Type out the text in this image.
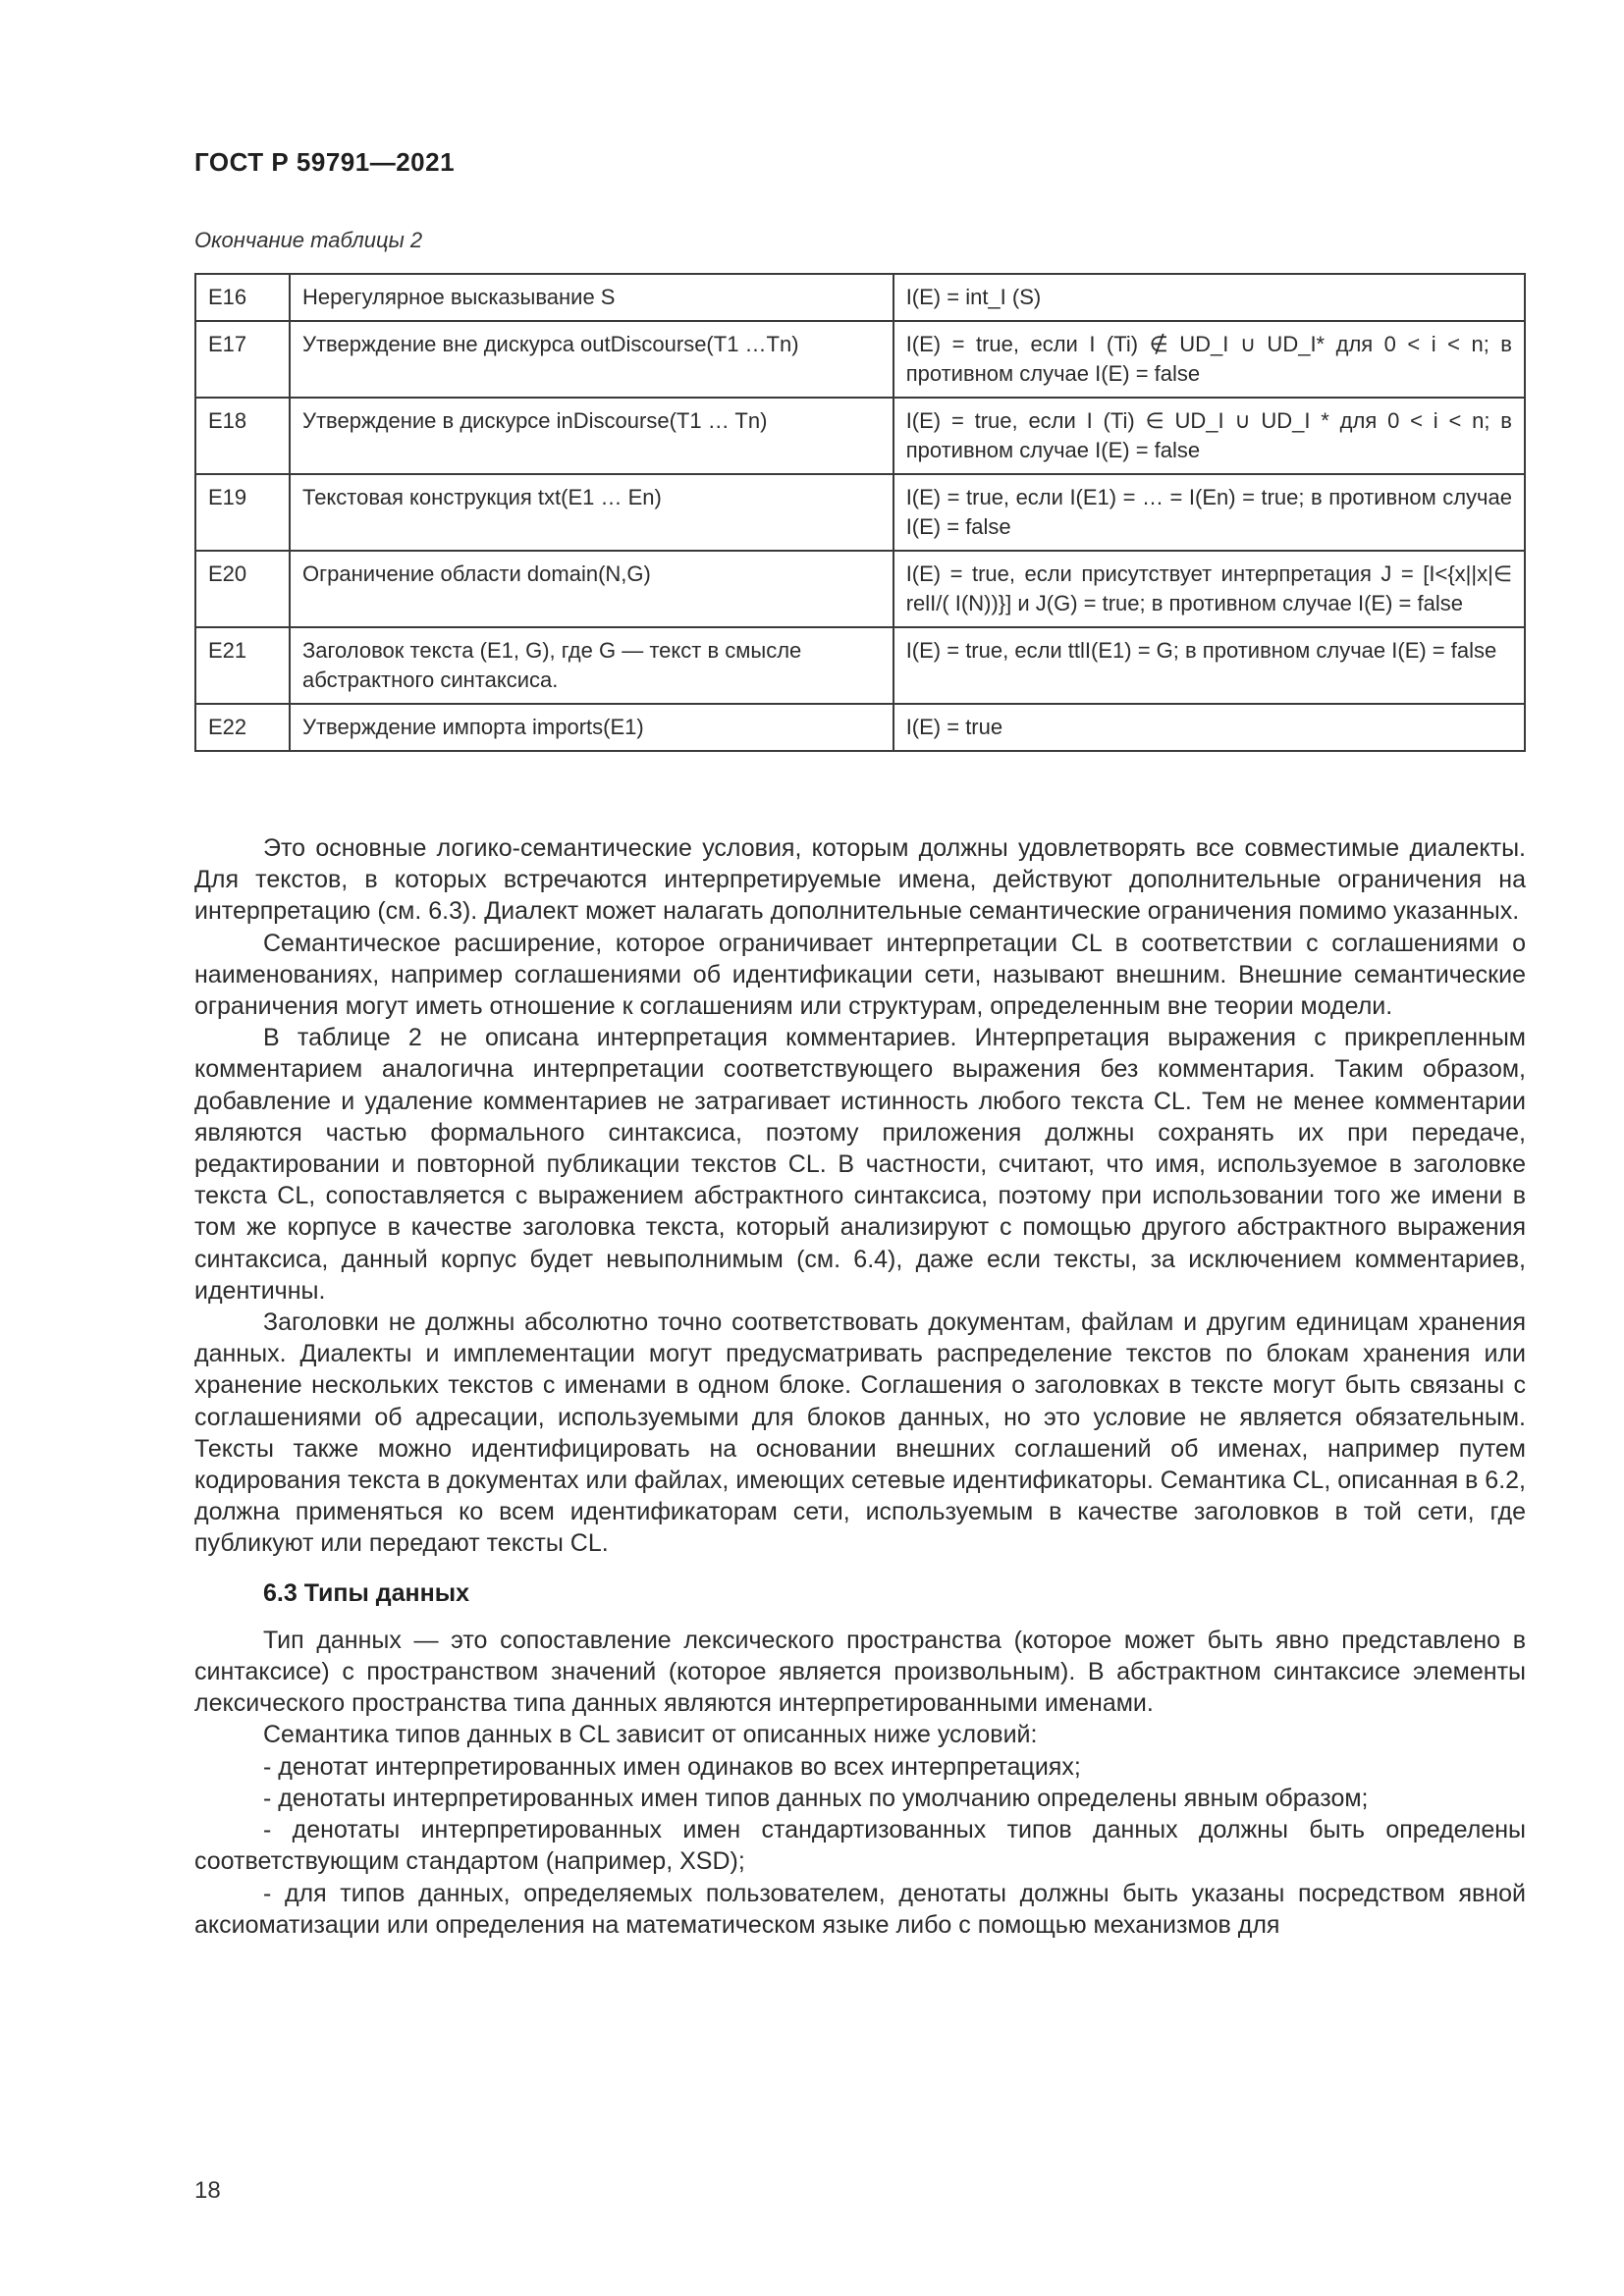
ГОСТ Р 59791—2021
Окончание таблицы 2
E16	Нерегулярное высказывание S	I(E) = int_I (S)
E17	Утверждение вне дискурса outDiscourse(T1 …Tn)	I(E) = true, если I (Ti) ∉ UD_I ∪ UD_I* для 0 < i < n; в противном случае I(E) = false
E18	Утверждение в дискурсе inDiscourse(T1 … Tn)	I(E) = true, если I (Ti) ∈ UD_I ∪ UD_I * для 0 < i < n; в противном случае I(E) = false
E19	Текстовая конструкция txt(E1 … En)	I(E) = true, если I(E1) = … = I(En) = true; в противном случае I(E) = false
E20	Ограничение области domain(N,G)	I(E) = true, если присутствует интерпретация J = [I<{x||x|∈ relI/( I(N))}] и J(G) = true; в противном случае I(E) = false
E21	Заголовок текста (E1, G), где G — текст в смысле абстрактного синтаксиса.	I(E) = true, если ttlI(E1) = G; в противном случае I(E) = false
E22	Утверждение импорта imports(E1)	I(E) = true

Это основные логико-семантические условия, которым должны удовлетворять все совместимые диалекты. Для текстов, в которых встречаются интерпретируемые имена, действуют дополнительные ограничения на интерпретацию (см. 6.3). Диалект может налагать дополнительные семантические ограничения помимо указанных.

Семантическое расширение, которое ограничивает интерпретации CL в соответствии с соглашениями о наименованиях, например соглашениями об идентификации сети, называют внешним. Внешние семантические ограничения могут иметь отношение к соглашениям или структурам, определенным вне теории модели.

В таблице 2 не описана интерпретация комментариев. Интерпретация выражения с прикрепленным комментарием аналогична интерпретации соответствующего выражения без комментария. Таким образом, добавление и удаление комментариев не затрагивает истинность любого текста CL. Тем не менее комментарии являются частью формального синтаксиса, поэтому приложения должны сохранять их при передаче, редактировании и повторной публикации текстов CL. В частности, считают, что имя, используемое в заголовке текста CL, сопоставляется с выражением абстрактного синтаксиса, поэтому при использовании того же имени в том же корпусе в качестве заголовка текста, который анализируют с помощью другого абстрактного выражения синтаксиса, данный корпус будет невыполнимым (см. 6.4), даже если тексты, за исключением комментариев, идентичны.

Заголовки не должны абсолютно точно соответствовать документам, файлам и другим единицам хранения данных. Диалекты и имплементации могут предусматривать распределение текстов по блокам хранения или хранение нескольких текстов с именами в одном блоке. Соглашения о заголовках в тексте могут быть связаны с соглашениями об адресации, используемыми для блоков данных, но это условие не является обязательным. Тексты также можно идентифицировать на основании внешних соглашений об именах, например путем кодирования текста в документах или файлах, имеющих сетевые идентификаторы. Семантика CL, описанная в 6.2, должна применяться ко всем идентификаторам сети, используемым в качестве заголовков в той сети, где публикуют или передают тексты CL.

6.3 Типы данных

Тип данных — это сопоставление лексического пространства (которое может быть явно представлено в синтаксисе) с пространством значений (которое является произвольным). В абстрактном синтаксисе элементы лексического пространства типа данных являются интерпретированными именами.

Семантика типов данных в CL зависит от описанных ниже условий:

- денотат интерпретированных имен одинаков во всех интерпретациях;

- денотаты интерпретированных имен типов данных по умолчанию определены явным образом;

- денотаты интерпретированных имен стандартизованных типов данных должны быть определены соответствующим стандартом (например, XSD);

- для типов данных, определяемых пользователем, денотаты должны быть указаны посредством явной аксиоматизации или определения на математическом языке либо с помощью механизмов для

18
